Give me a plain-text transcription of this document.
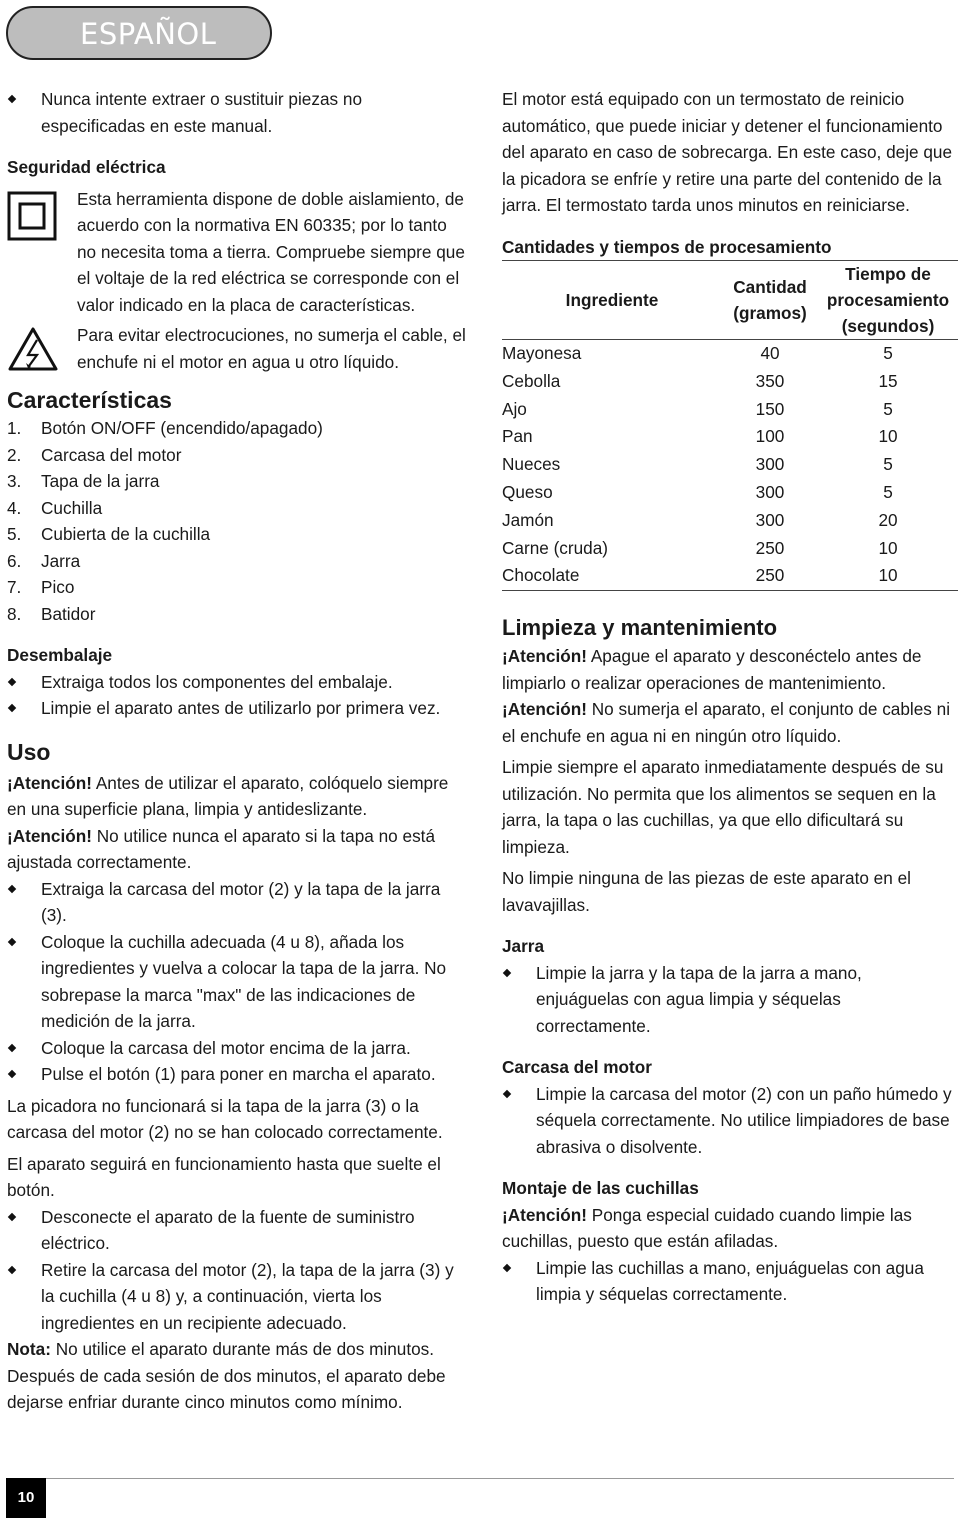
ESPAÑOL

Nunca intente extraer o sustituir piezas no especificadas en este manual.

Seguridad eléctrica

Esta herramienta dispone de doble aislamiento, de acuerdo con la normativa EN 60335; por lo tanto no necesita toma a tierra. Compruebe siempre que el voltaje de la red eléctrica se corresponde con el valor indicado en la placa de características.

Para evitar electrocuciones, no sumerja el cable, el enchufe ni el motor en agua u otro líquido.

Características

1. Botón ON/OFF (encendido/apagado)

2. Carcasa del motor

3. Tapa de la jarra

4. Cuchilla

5. Cubierta de la cuchilla

6. Jarra

7. Pico

8. Batidor

Desembalaje

Extraiga todos los componentes del embalaje.

Limpie el aparato antes de utilizarlo por primera vez.

Uso

¡Atención! Antes de utilizar el aparato, colóquelo siempre en una superficie plana, limpia y antideslizante.

¡Atención! No utilice nunca el aparato si la tapa no está ajustada correctamente.

Extraiga la carcasa del motor (2) y la tapa de la jarra (3).

Coloque la cuchilla adecuada (4 u 8), añada los ingredientes y vuelva a colocar la tapa de la jarra. No sobrepase la marca "max" de las indicaciones de medición de la jarra.

Coloque la carcasa del motor encima de la jarra.

Pulse el botón (1) para poner en marcha el aparato.

La picadora no funcionará si la tapa de la jarra (3) o la carcasa del motor (2) no se han colocado correctamente.

El aparato seguirá en funcionamiento hasta que suelte el botón.

Desconecte el aparato de la fuente de suministro eléctrico.

Retire la carcasa del motor (2), la tapa de la jarra (3) y la cuchilla (4 u 8) y, a continuación, vierta los ingredientes en un recipiente adecuado.

Nota: No utilice el aparato durante más de dos minutos. Después de cada sesión de dos minutos, el aparato debe dejarse enfriar durante cinco minutos como mínimo.

El motor está equipado con un termostato de reinicio automático, que puede iniciar y detener el funcionamiento del aparato en caso de sobrecarga. En este caso, deje que la picadora se enfríe y retire una parte del contenido de la jarra. El termostato tarda unos minutos en reiniciarse.

Cantidades y tiempos de procesamiento

Ingrediente	Cantidad (gramos)	Tiempo de procesamiento (segundos)
Mayonesa	40	5
Cebolla	350	15
Ajo	150	5
Pan	100	10
Nueces	300	5
Queso	300	5
Jamón	300	20
Carne (cruda)	250	10
Chocolate	250	10

Limpieza y mantenimiento

¡Atención! Apague el aparato y desconéctelo antes de limpiarlo o realizar operaciones de mantenimiento.

¡Atención! No sumerja el aparato, el conjunto de cables ni el enchufe en agua ni en ningún otro líquido.

Limpie siempre el aparato inmediatamente después de su utilización. No permita que los alimentos se sequen en la jarra, la tapa o las cuchillas, ya que ello dificultará su limpieza.

No limpie ninguna de las piezas de este aparato en el lavavajillas.

Jarra

Limpie la jarra y la tapa de la jarra a mano, enjuáguelas con agua limpia y séquelas correctamente.

Carcasa del motor

Limpie la carcasa del motor (2) con un paño húmedo y séquela correctamente. No utilice limpiadores de base abrasiva o disolvente.

Montaje de las cuchillas

¡Atención! Ponga especial cuidado cuando limpie las cuchillas, puesto que están afiladas.

Limpie las cuchillas a mano, enjuáguelas con agua limpia y séquelas correctamente.

10
